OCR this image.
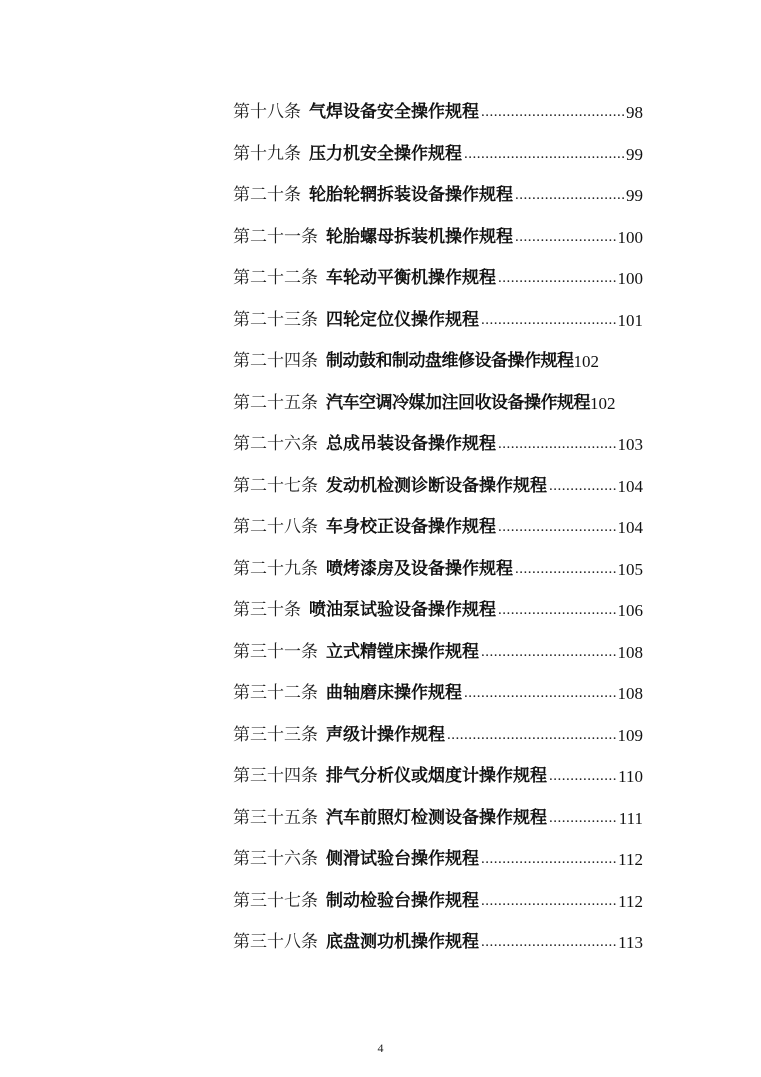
第十八条 气焊设备安全操作规程 .....	98
第十九条 压力机安全操作规程 .....	99
第二十条 轮胎轮辋拆装设备操作规程 .....	99
第二十一条 轮胎螺母拆装机操作规程 .....	100
第二十二条 车轮动平衡机操作规程 .....	100
第二十三条 四轮定位仪操作规程 .....	101
第二十四条 制动鼓和制动盘维修设备操作规程 102
第二十五条 汽车空调冷媒加注回收设备操作规程 102
第二十六条 总成吊装设备操作规程 .....	103
第二十七条 发动机检测诊断设备操作规程 .....	104
第二十八条 车身校正设备操作规程 .....	104
第二十九条 喷烤漆房及设备操作规程 .....	105
第三十条 喷油泵试验设备操作规程 .....	106
第三十一条 立式精镗床操作规程 .....	108
第三十二条 曲轴磨床操作规程 .....	108
第三十三条 声级计操作规程 .....	109
第三十四条 排气分析仪或烟度计操作规程 .....	110
第三十五条 汽车前照灯检测设备操作规程 .....	111
第三十六条 侧滑试验台操作规程 .....	112
第三十七条 制动检验台操作规程 .....	112
第三十八条 底盘测功机操作规程 .....	113
4
